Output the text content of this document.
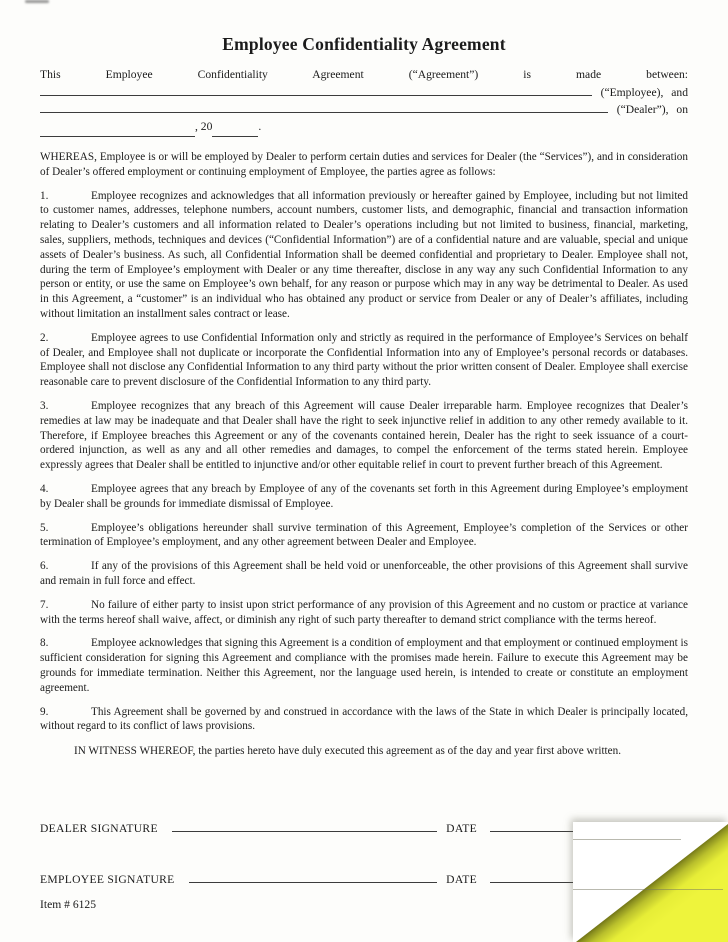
Employee Confidentiality Agreement
This Employee Confidentiality Agreement (“Agreement”) is made between:
(“Employee), and
(“Dealer”), on
, 20	.

WHEREAS, Employee is or will be employed by Dealer to perform certain duties and services for Dealer (the “Services”), and in consideration of Dealer’s offered employment or continuing employment of Employee, the parties agree as follows:

1.	Employee recognizes and acknowledges that all information previously or hereafter gained by Employee, including but not limited to customer names, addresses, telephone numbers, account numbers, customer lists, and demographic, financial and transaction information relating to Dealer’s customers and all information related to Dealer’s operations including but not limited to business, financial, marketing, sales, suppliers, methods, techniques and devices (“Confidential Information”) are of a confidential nature and are valuable, special and unique assets of Dealer’s business. As such, all Confidential Information shall be deemed confidential and proprietary to Dealer. Employee shall not, during the term of Employee’s employment with Dealer or any time thereafter, disclose in any way any such Confidential Information to any person or entity, or use the same on Employee’s own behalf, for any reason or purpose which may in any way be detrimental to Dealer. As used in this Agreement, a “customer” is an individual who has obtained any product or service from Dealer or any of Dealer’s affiliates, including without limitation an installment sales contract or lease.

2.	Employee agrees to use Confidential Information only and strictly as required in the performance of Employee’s Services on behalf of Dealer, and Employee shall not duplicate or incorporate the Confidential Information into any of Employee’s personal records or databases. Employee shall not disclose any Confidential Information to any third party without the prior written consent of Dealer. Employee shall exercise reasonable care to prevent disclosure of the Confidential Information to any third party.

3.	Employee recognizes that any breach of this Agreement will cause Dealer irreparable harm. Employee recognizes that Dealer’s remedies at law may be inadequate and that Dealer shall have the right to seek injunctive relief in addition to any other remedy available to it. Therefore, if Employee breaches this Agreement or any of the covenants contained herein, Dealer has the right to seek issuance of a court-ordered injunction, as well as any and all other remedies and damages, to compel the enforcement of the terms stated herein. Employee expressly agrees that Dealer shall be entitled to injunctive and/or other equitable relief in court to prevent further breach of this Agreement.

4.	Employee agrees that any breach by Employee of any of the covenants set forth in this Agreement during Employee’s employment by Dealer shall be grounds for immediate dismissal of Employee.

5.	Employee’s obligations hereunder shall survive termination of this Agreement, Employee’s completion of the Services or other termination of Employee’s employment, and any other agreement between Dealer and Employee.

6.	If any of the provisions of this Agreement shall be held void or unenforceable, the other provisions of this Agreement shall survive and remain in full force and effect.

7.	No failure of either party to insist upon strict performance of any provision of this Agreement and no custom or practice at variance with the terms hereof shall waive, affect, or diminish any right of such party thereafter to demand strict compliance with the terms hereof.

8.	Employee acknowledges that signing this Agreement is a condition of employment and that employment or continued employment is sufficient consideration for signing this Agreement and compliance with the promises made herein. Failure to execute this Agreement may be grounds for immediate termination. Neither this Agreement, nor the language used herein, is intended to create or constitute an employment agreement.

9.	This Agreement shall be governed by and construed in accordance with the laws of the State in which Dealer is principally located, without regard to its conflict of laws provisions.

IN WITNESS WHEREOF, the parties hereto have duly executed this agreement as of the day and year first above written.

DEALER SIGNATURE	DATE
EMPLOYEE SIGNATURE	DATE
Item # 6125
